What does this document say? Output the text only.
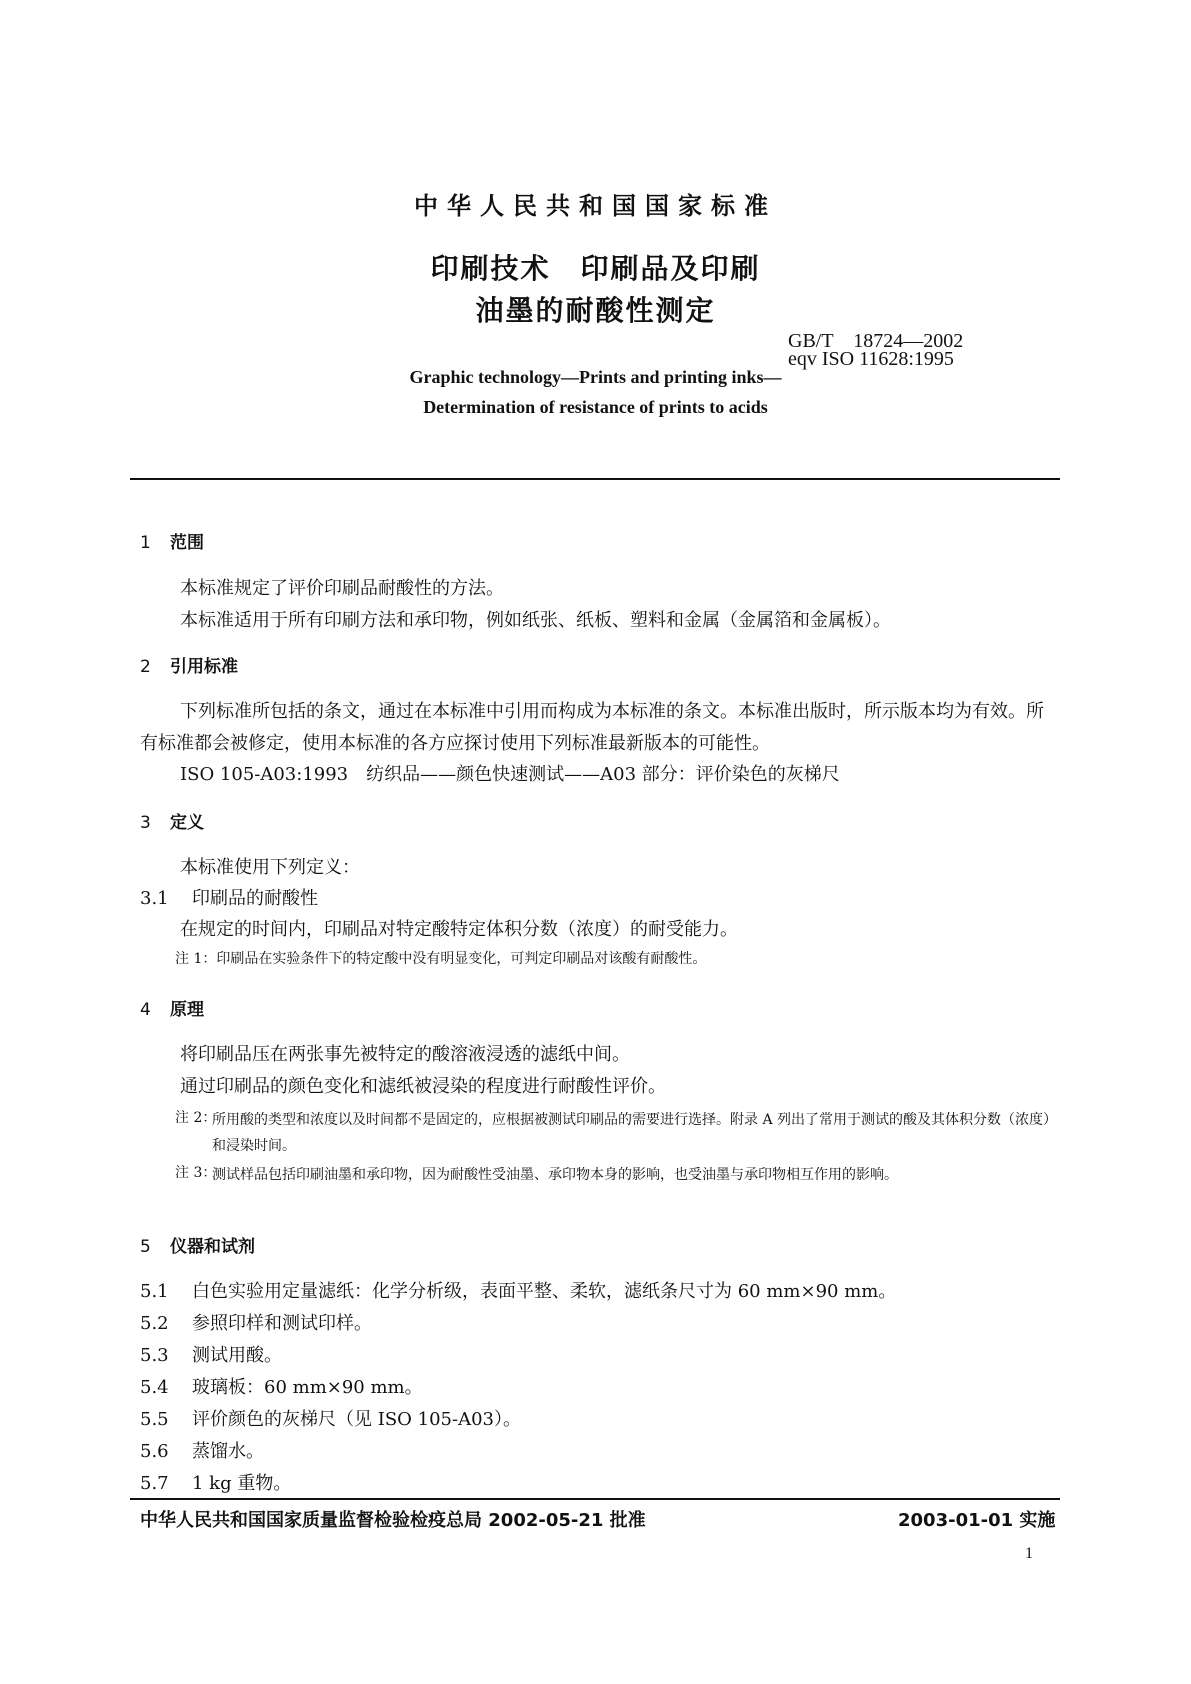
中华人民共和国国家标准
印刷技术　印刷品及印刷
油墨的耐酸性测定
GB/T　18724—2002
eqv ISO 11628:1995
Graphic technology—Prints and printing inks—
Determination of resistance of prints to acids
1 范围
本标准规定了评价印刷品耐酸性的方法。
本标准适用于所有印刷方法和承印物，例如纸张、纸板、塑料和金属（金属箔和金属板）。
2 引用标准
下列标准所包括的条文，通过在本标准中引用而构成为本标准的条文。本标准出版时，所示版本均为有效。所有标准都会被修定，使用本标准的各方应探讨使用下列标准最新版本的可能性。
ISO 105-A03:1993　纺织品——颜色快速测试——A03 部分：评价染色的灰梯尺
3 定义
本标准使用下列定义：
3.1 印刷品的耐酸性
在规定的时间内，印刷品对特定酸特定体积分数（浓度）的耐受能力。
注 1：印刷品在实验条件下的特定酸中没有明显变化，可判定印刷品对该酸有耐酸性。
4 原理
将印刷品压在两张事先被特定的酸溶液浸透的滤纸中间。
通过印刷品的颜色变化和滤纸被浸染的程度进行耐酸性评价。
注 2：
所用酸的类型和浓度以及时间都不是固定的，应根据被测试印刷品的需要进行选择。附录 A 列出了常用于测试的酸及其体积分数（浓度）和浸染时间。
注 3：
测试样品包括印刷油墨和承印物，因为耐酸性受油墨、承印物本身的影响，也受油墨与承印物相互作用的影响。
5 仪器和试剂
5.1 白色实验用定量滤纸：化学分析级，表面平整、柔软，滤纸条尺寸为 60 mm×90 mm。
5.2 参照印样和测试印样。
5.3 测试用酸。
5.4 玻璃板：60 mm×90 mm。
5.5 评价颜色的灰梯尺（见 ISO 105-A03）。
5.6 蒸馏水。
5.7 1 kg 重物。
中华人民共和国国家质量监督检验检疫总局 2002-05-21 批准	2003-01-01 实施
1
